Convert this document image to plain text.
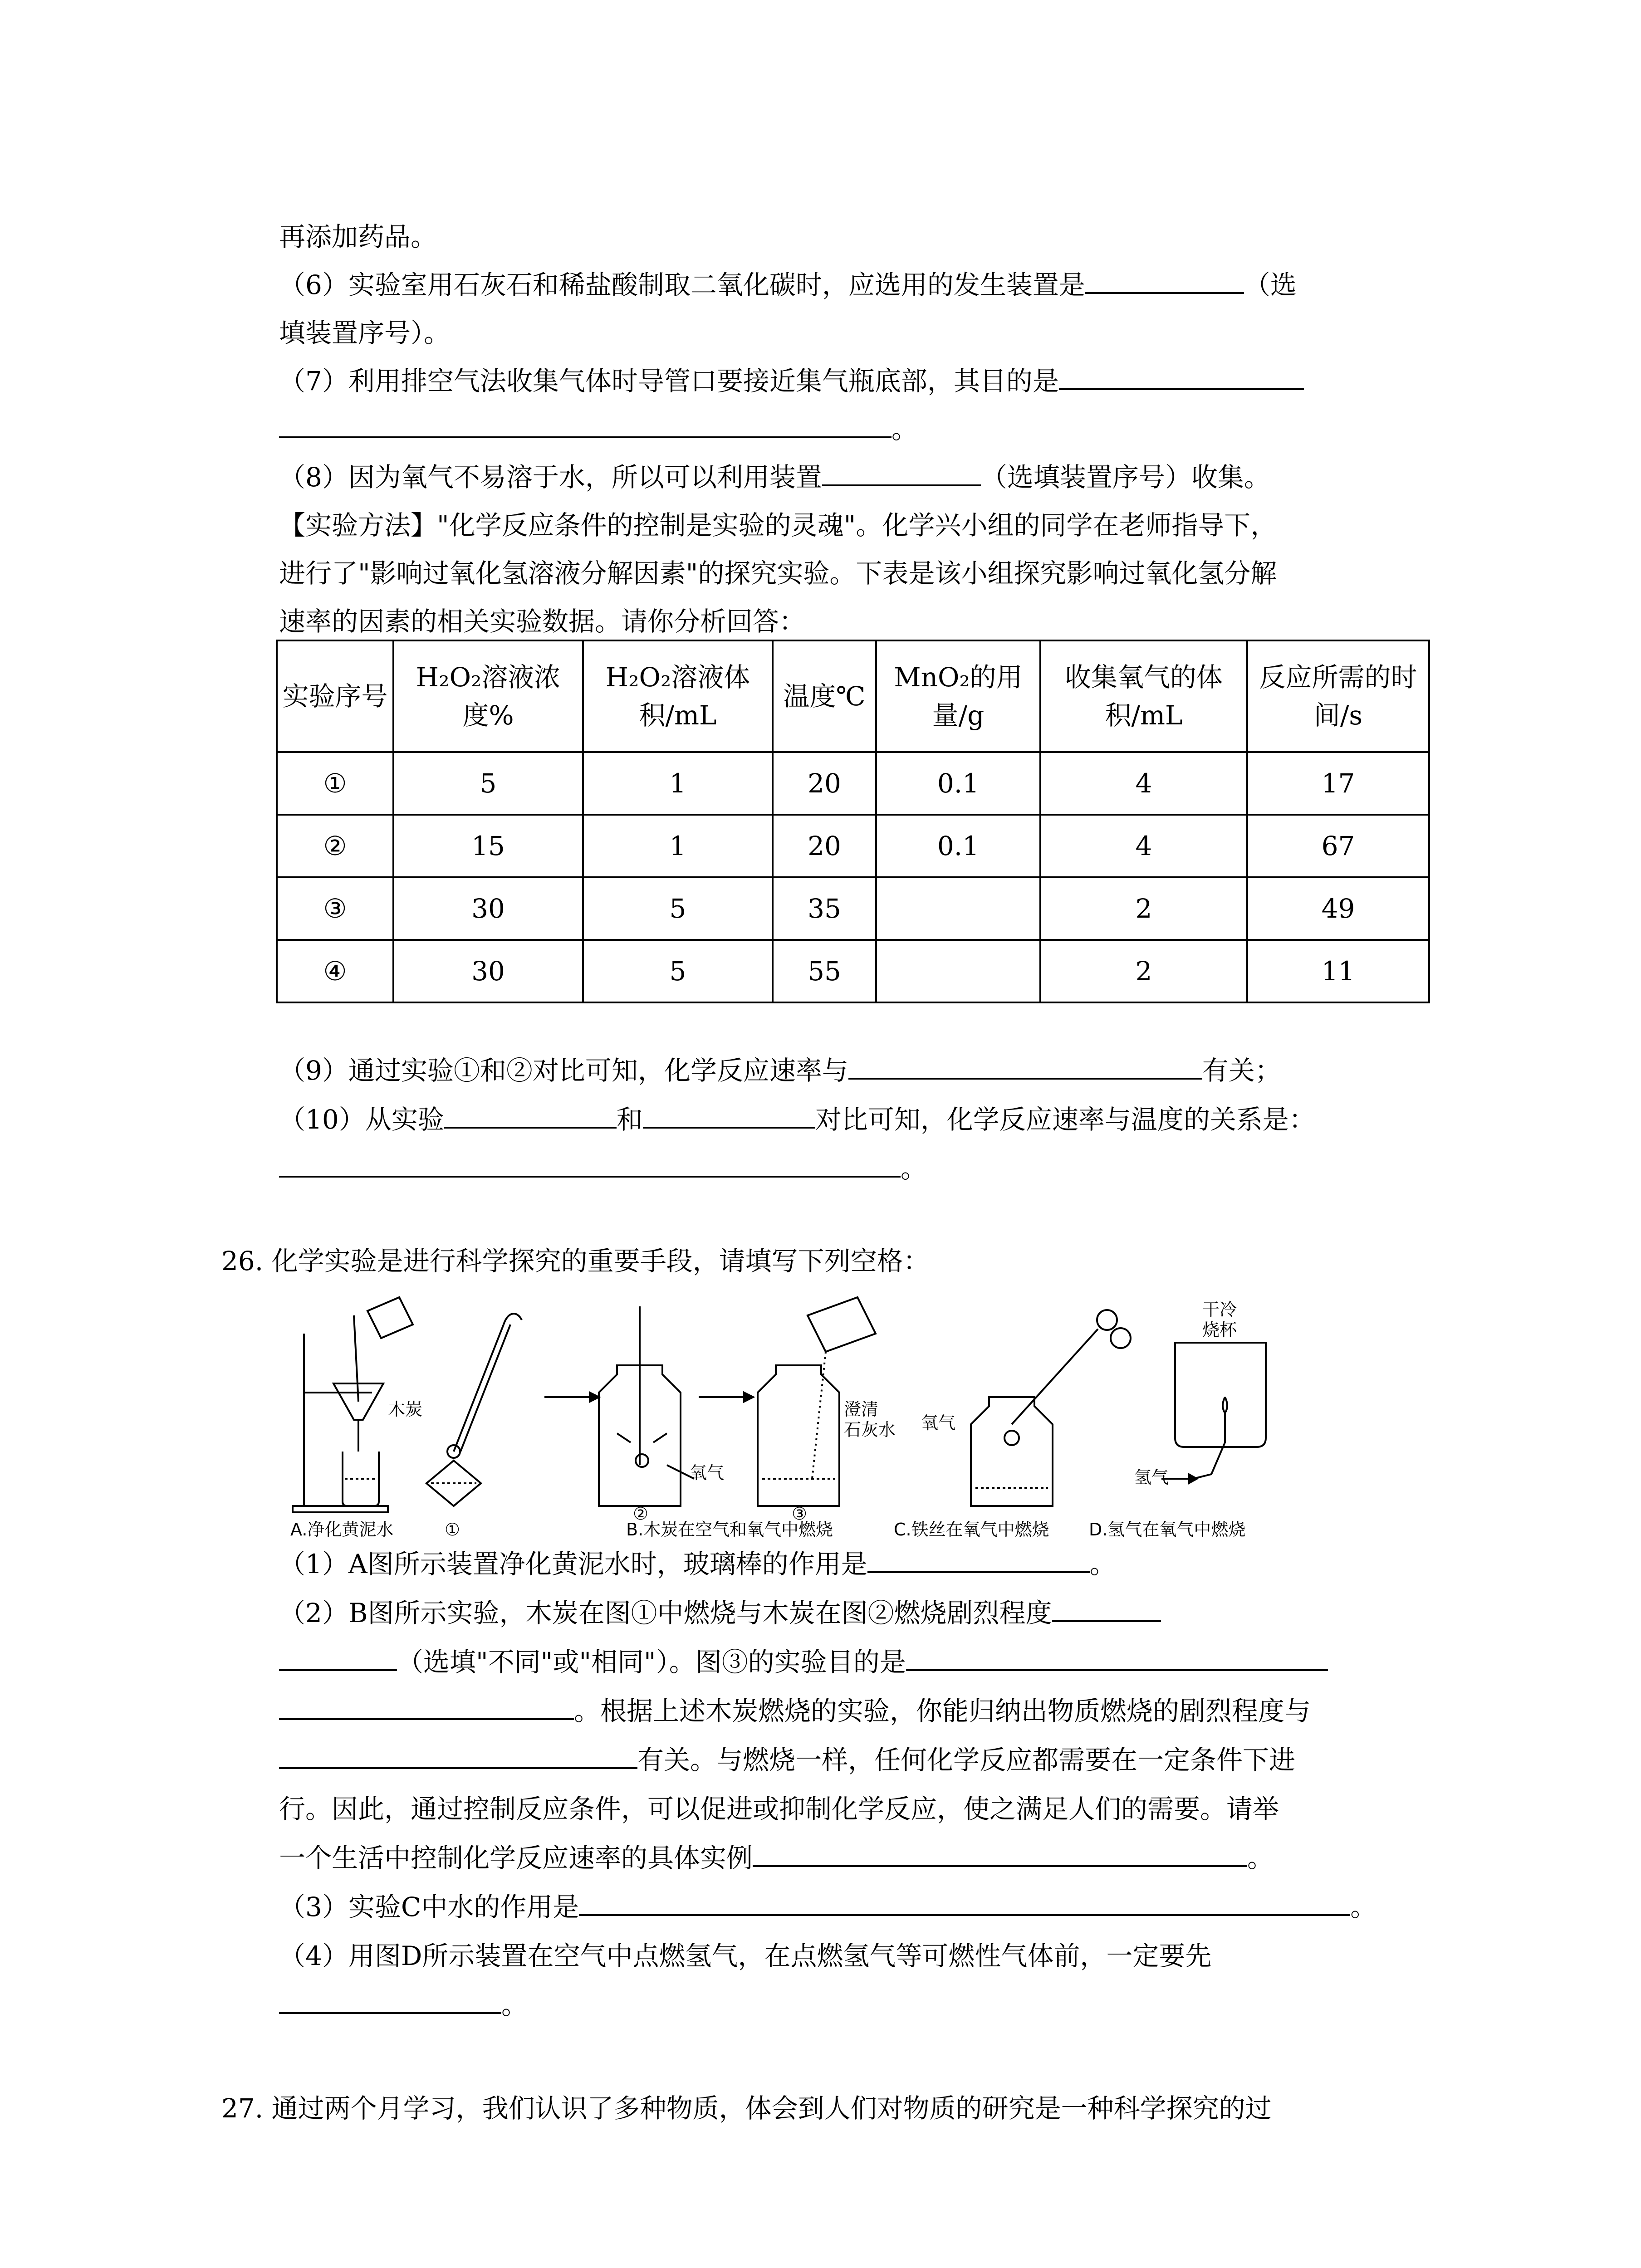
再添加药品。
（6）实验室用石灰石和稀盐酸制取二氧化碳时，应选用的发生装置是	（选
填装置序号）。
（7）利用排空气法收集气体时导管口要接近集气瓶底部，其目的是
。
（8）因为氧气不易溶于水，所以可以利用装置	（选填装置序号）收集。
【实验方法】"化学反应条件的控制是实验的灵魂"。化学兴小组的同学在老师指导下，
进行了"影响过氧化氢溶液分解因素"的探究实验。下表是该小组探究影响过氧化氢分解
速率的因素的相关实验数据。请你分析回答：
实验序号	H₂O₂溶液浓度%	H₂O₂溶液体积/mL	温度℃	MnO₂的用量/g	收集氧气的体积/mL	反应所需的时间/s
①	5	1	20	0.1	4	17
②	15	1	20	0.1	4	67
③	30	5	35		2	49
④	30	5	55		2	11
（9）通过实验①和②对比可知，化学反应速率与	有关；
（10）从实验	和	对比可知，化学反应速率与温度的关系是：
。
26. 化学实验是进行科学探究的重要手段，请填写下列空格：
A.净化黄泥水
木炭
①	B.木炭在空气和氧气中燃烧
②	③
氧气
澄清
石灰水 氧气
C.铁丝在氧气中燃烧
干冷
烧杯
氢气
D.氢气在氧气中燃烧
（1）A图所示装置净化黄泥水时，玻璃棒的作用是	。
（2）B图所示实验，木炭在图①中燃烧与木炭在图②燃烧剧烈程度
（选填"不同"或"相同"）。图③的实验目的是
。根据上述木炭燃烧的实验，你能归纳出物质燃烧的剧烈程度与
有关。与燃烧一样，任何化学反应都需要在一定条件下进
行。因此，通过控制反应条件，可以促进或抑制化学反应，使之满足人们的需要。请举
一个生活中控制化学反应速率的具体实例	。
（3）实验C中水的作用是	。
（4）用图D所示装置在空气中点燃氢气，在点燃氢气等可燃性气体前，一定要先
。
27. 通过两个月学习，我们认识了多种物质，体会到人们对物质的研究是一种科学探究的过
